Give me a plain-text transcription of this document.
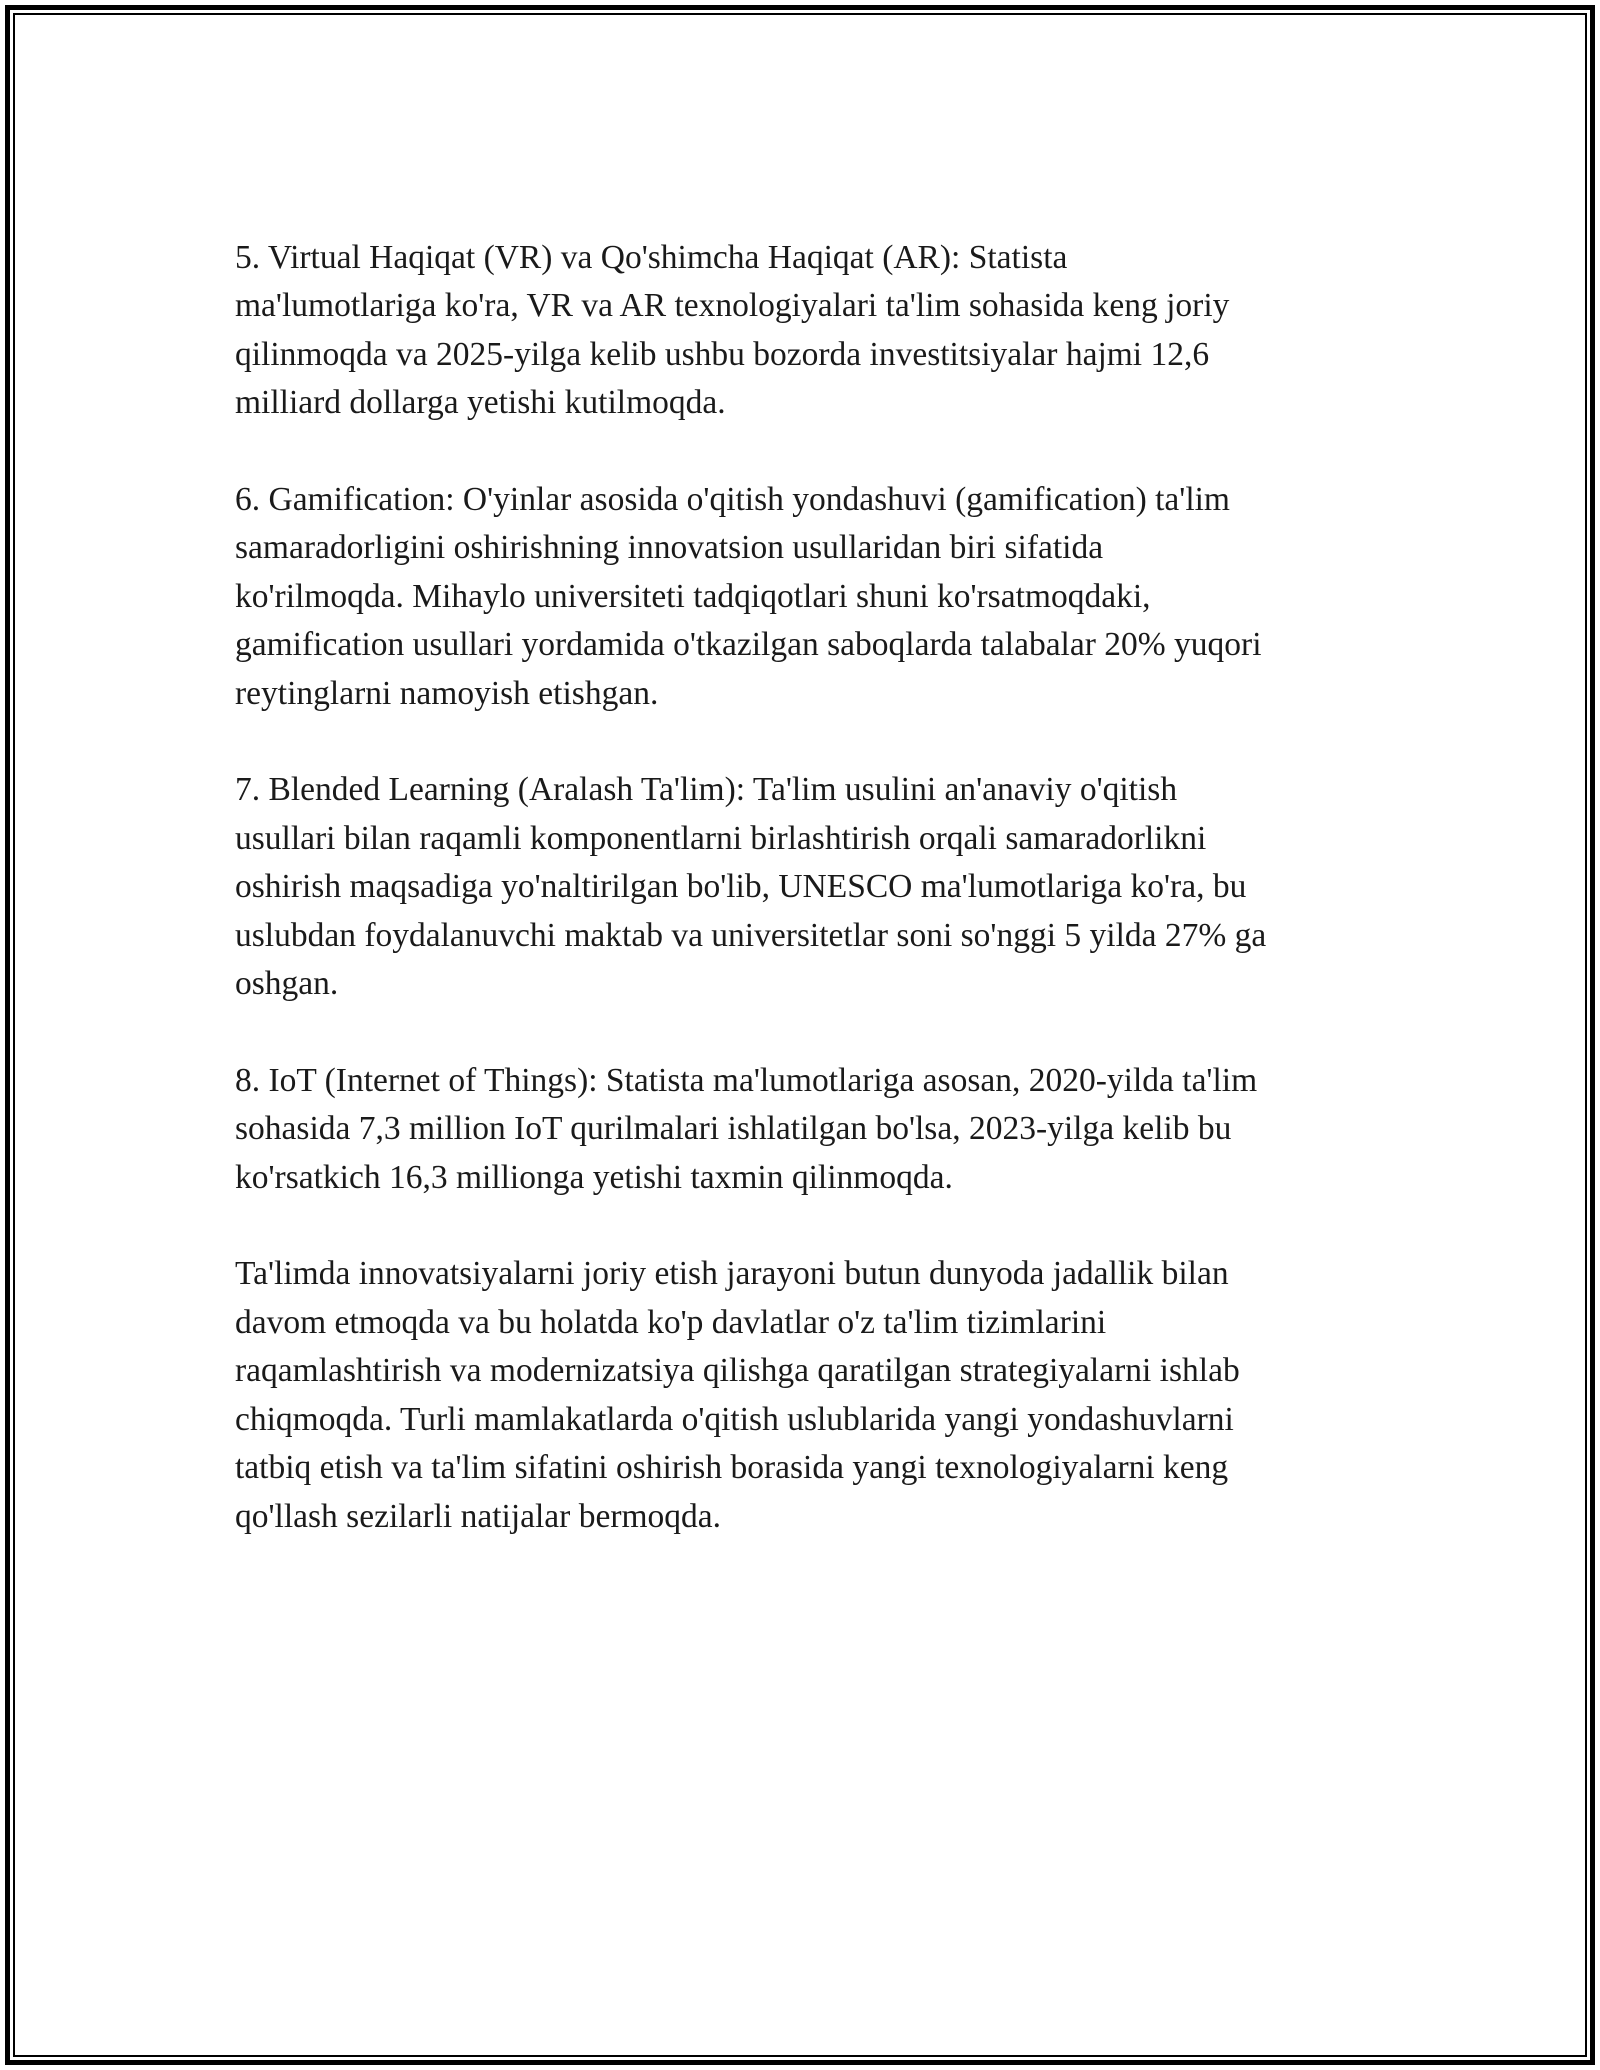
5. Virtual Haqiqat (VR) va Qo'shimcha Haqiqat (AR): Statista
ma'lumotlariga ko'ra, VR va AR texnologiyalari ta'lim sohasida keng joriy
qilinmoqda va 2025-yilga kelib ushbu bozorda investitsiyalar hajmi 12,6
milliard dollarga yetishi kutilmoqda.

6. Gamification: O'yinlar asosida o'qitish yondashuvi (gamification) ta'lim
samaradorligini oshirishning innovatsion usullaridan biri sifatida
ko'rilmoqda. Mihaylo universiteti tadqiqotlari shuni ko'rsatmoqdaki,
gamification usullari yordamida o'tkazilgan saboqlarda talabalar 20% yuqori
reytinglarni namoyish etishgan.

7. Blended Learning (Aralash Ta'lim): Ta'lim usulini an'anaviy o'qitish
usullari bilan raqamli komponentlarni birlashtirish orqali samaradorlikni
oshirish maqsadiga yo'naltirilgan bo'lib, UNESCO ma'lumotlariga ko'ra, bu
uslubdan foydalanuvchi maktab va universitetlar soni so'nggi 5 yilda 27% ga
oshgan.

8. IoT (Internet of Things): Statista ma'lumotlariga asosan, 2020-yilda ta'lim
sohasida 7,3 million IoT qurilmalari ishlatilgan bo'lsa, 2023-yilga kelib bu
ko'rsatkich 16,3 millionga yetishi taxmin qilinmoqda.

Ta'limda innovatsiyalarni joriy etish jarayoni butun dunyoda jadallik bilan
davom etmoqda va bu holatda ko'p davlatlar o'z ta'lim tizimlarini
raqamlashtirish va modernizatsiya qilishga qaratilgan strategiyalarni ishlab
chiqmoqda. Turli mamlakatlarda o'qitish uslublarida yangi yondashuvlarni
tatbiq etish va ta'lim sifatini oshirish borasida yangi texnologiyalarni keng
qo'llash sezilarli natijalar bermoqda.
